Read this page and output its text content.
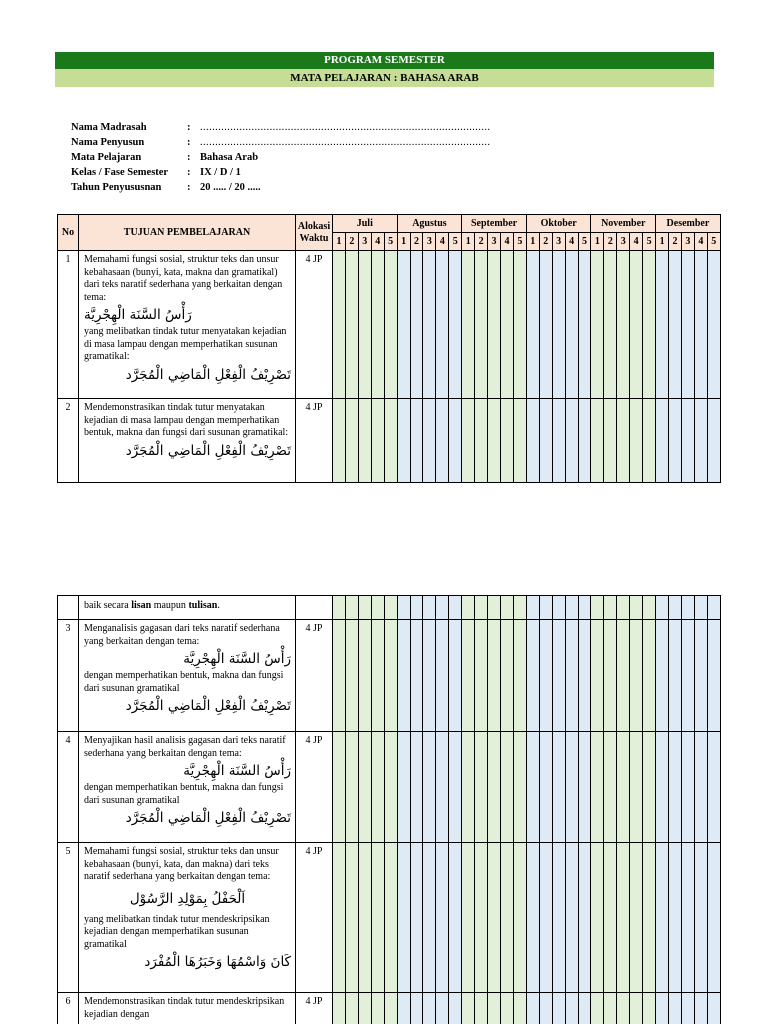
PROGRAM SEMESTER
MATA PELAJARAN : BAHASA ARAB
Nama Madrasah	: ................................................................................................
Nama Penyusun	: ................................................................................................
Mata Pelajaran	: Bahasa Arab
Kelas / Fase Semester	: IX / D / 1
Tahun Penyususnan	: 20 ..... / 20 .....
No	TUJUAN PEMBELAJARAN	Alokasi Waktu	Juli					Agustus					September					Oktober					November					Desember				
			1	2	3	4	5	1	2	3	4	5	1	2	3	4	5	1	2	3	4	5	1	2	3	4	5	1	2	3	4	5
1	Memahami fungsi sosial, struktur teks dan unsur kebahasaan (bunyi, kata, makna dan gramatikal) dari teks naratif sederhana yang berkaitan dengan tema:
رَأْسُ السَّنَة الْهِجْرِيَّة
yang melibatkan tindak tutur menyatakan kejadian di masa lampau dengan memperhatikan susunan gramatikal:
تَصْرِيْفُ الْفِعْلِ الْمَاضِي الْمُجَرَّد	4 JP																														
2	Mendemonstrasikan tindak tutur menyatakan kejadian di masa lampau dengan memperhatikan bentuk, makna dan fungsi dari susunan gramatikal:
تَصْرِيْفُ الْفِعْلِ الْمَاضِي الْمُجَرَّد	4 JP																														
	baik secara lisan maupun tulisan.																															
3	Menganalisis gagasan dari teks naratif sederhana yang berkaitan dengan tema:
رَأْسُ السَّنَة الْهِجْرِيَّة
dengan memperhatikan bentuk, makna dan fungsi dari susunan gramatikal
تَصْرِيْفُ الْفِعْلِ الْمَاضِي الْمُجَرَّد	4 JP																														
4	Menyajikan hasil analisis gagasan dari teks naratif sederhana yang berkaitan dengan tema:
رَأْسُ السَّنَة الْهِجْرِيَّة
dengan memperhatikan bentuk, makna dan fungsi dari susunan gramatikal
تَصْرِيْفُ الْفِعْلِ الْمَاضِي الْمُجَرَّد	4 JP																														
5	Memahami fungsi sosial, struktur teks dan unsur kebahasaan (bunyi, kata, dan makna) dari teks naratif sederhana yang berkaitan dengan tema:
اَلْحَفْلُ بِمَوْلِدِ الرَّسُوْل
yang melibatkan tindak tutur mendeskripsikan kejadian dengan memperhatikan susunan gramatikal
كَانَ وَاسْمُهَا وَخَبَرُهَا الْمُفْرَد	4 JP																														
6	Mendemonstrasikan tindak tutur mendeskripsikan kejadian dengan	4 JP																														
